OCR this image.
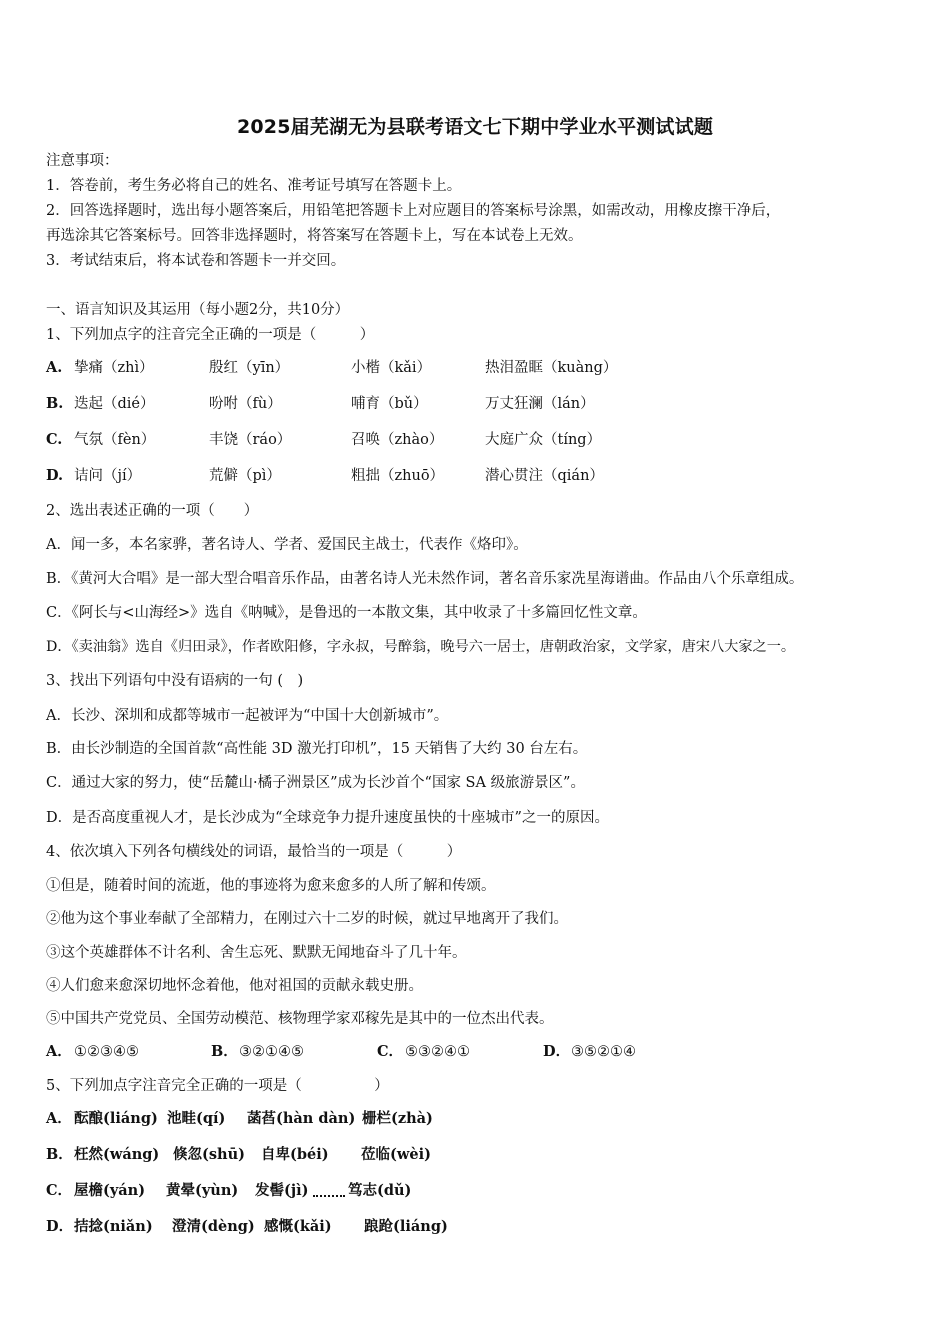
2025届芜湖无为县联考语文七下期中学业水平测试试题
注意事项：
1．答卷前，考生务必将自己的姓名、准考证号填写在答题卡上。
2．回答选择题时，选出每小题答案后，用铅笔把答题卡上对应题目的答案标号涂黑，如需改动，用橡皮擦干净后，
再选涂其它答案标号。回答非选择题时，将答案写在答题卡上，写在本试卷上无效。
3．考试结束后，将本试卷和答题卡一并交回。
一、语言知识及其运用（每小题2分，共10分）
1、下列加点字的注音完全正确的一项是（　　　）
A. 挚痛（zhì）	殷红（yīn）	小楷（kǎi）	热泪盈眶（kuàng）
B. 迭起（dié）	吩咐（fù）	哺育（bǔ）	万丈狂澜（lán）
C. 气氛（fèn）	丰饶（ráo）	召唤（zhào）	大庭广众（tíng）
D. 诘问（jí）	荒僻（pì）	粗拙（zhuō）	潜心贯注（qián）
2、选出表述正确的一项（　　）
A．闻一多，本名家骅，著名诗人、学者、爱国民主战士，代表作《烙印》。
B．《黄河大合唱》是一部大型合唱音乐作品，由著名诗人光未然作词，著名音乐家冼星海谱曲。作品由八个乐章组成。
C．《阿长与<山海经>》选自《呐喊》，是鲁迅的一本散文集，其中收录了十多篇回忆性文章。
D．《卖油翁》选自《归田录》，作者欧阳修，字永叔，号醉翁，晚号六一居士，唐朝政治家，文学家，唐宋八大家之一。
3、找出下列语句中没有语病的一句 (　)
A．长沙、深圳和成都等城市一起被评为“中国十大创新城市”。
B．由长沙制造的全国首款“高性能 3D 激光打印机”，15 天销售了大约 30 台左右。
C．通过大家的努力，使“岳麓山·橘子洲景区”成为长沙首个“国家 SA 级旅游景区”。
D．是否高度重视人才，是长沙成为“全球竞争力提升速度虽快的十座城市”之一的原因。
4、依次填入下列各句横线处的词语，最恰当的一项是（　　　）
①但是，随着时间的流逝，他的事迹将为愈来愈多的人所了解和传颂。
②他为这个事业奉献了全部精力，在刚过六十二岁的时候，就过早地离开了我们。
③这个英雄群体不计名利、舍生忘死、默默无闻地奋斗了几十年。
④人们愈来愈深切地怀念着他，他对祖国的贡献永载史册。
⑤中国共产党党员、全国劳动模范、核物理学家邓稼先是其中的一位杰出代表。
A． ①②③④⑤	B． ③②①④⑤	C． ⑤③②④①	D． ③⑤②①④
5、下列加点字注音完全正确的一项是（　　　　　）
A． 酝酿(liáng) 池畦(qí) 菡萏(hàn dàn) 栅栏(zhà)
B． 枉然(wáng) 倏忽(shū) 自卑(béi) 莅临(wèi)
C． 屋檐(yán) 黄晕(yùn) 发髻(jì)	笃志(dǔ)
D． 拮捻(niǎn) 澄清(dèng) 感慨(kǎi) 踉跄(liáng)
